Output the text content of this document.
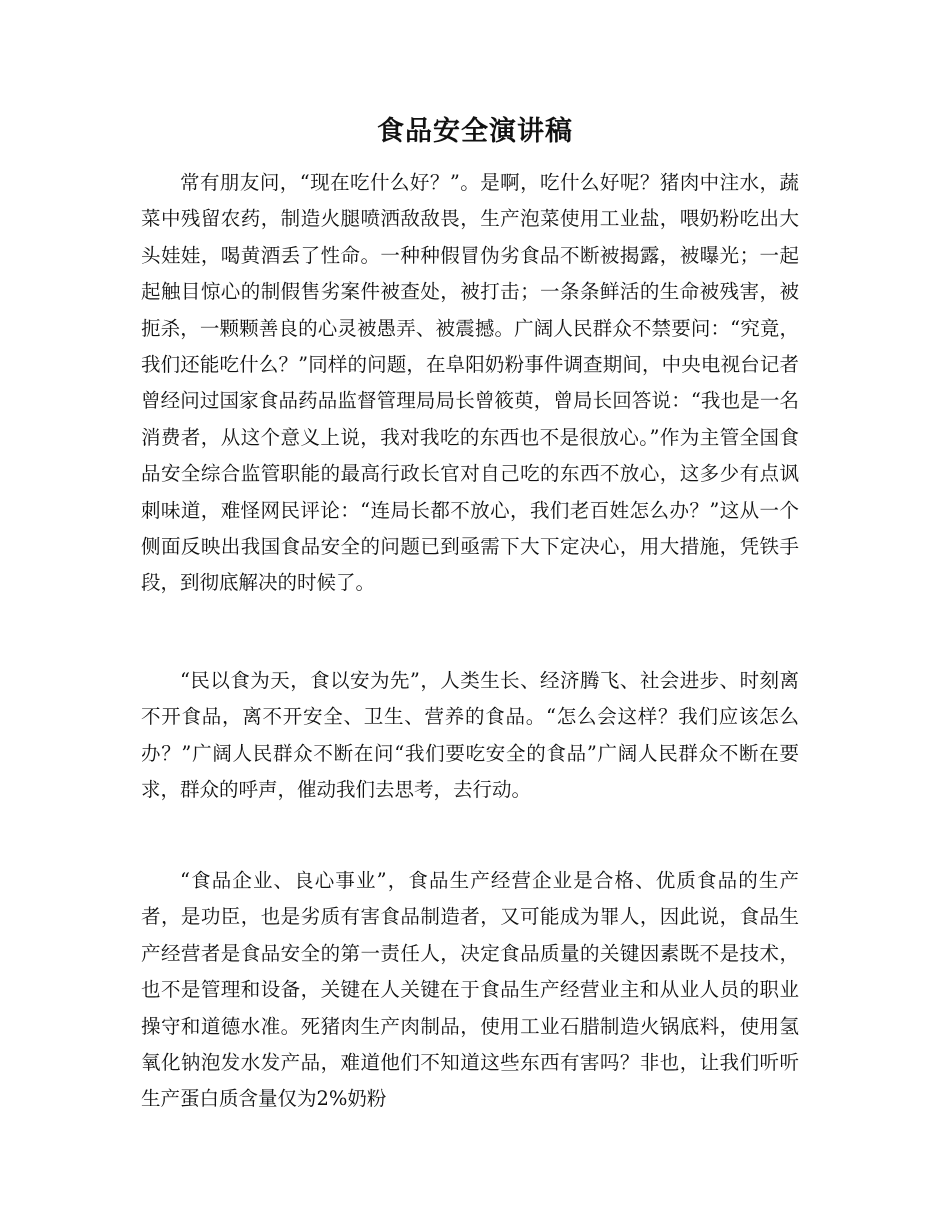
食品安全演讲稿

常有朋友问，“现在吃什么好？”。是啊，吃什么好呢？猪肉中注水，蔬菜中残留农药，制造火腿喷洒敌敌畏，生产泡菜使用工业盐，喂奶粉吃出大头娃娃，喝黄酒丢了性命。一种种假冒伪劣食品不断被揭露，被曝光；一起起触目惊心的制假售劣案件被查处，被打击；一条条鲜活的生命被残害，被扼杀，一颗颗善良的心灵被愚弄、被震撼。广阔人民群众不禁要问：“究竟，我们还能吃什么？”同样的问题，在阜阳奶粉事件调查期间，中央电视台记者曾经问过国家食品药品监督管理局局长曾筱萸，曾局长回答说：“我也是一名消费者，从这个意义上说，我对我吃的东西也不是很放心。”作为主管全国食品安全综合监管职能的最高行政长官对自己吃的东西不放心，这多少有点讽刺味道，难怪网民评论：“连局长都不放心，我们老百姓怎么办？”这从一个侧面反映出我国食品安全的问题已到亟需下大下定决心，用大措施，凭铁手段，到彻底解决的时候了。

“民以食为天，食以安为先”，人类生长、经济腾飞、社会进步、时刻离不开食品，离不开安全、卫生、营养的食品。“怎么会这样？我们应该怎么办？”广阔人民群众不断在问“我们要吃安全的食品”广阔人民群众不断在要求，群众的呼声，催动我们去思考，去行动。

“食品企业、良心事业”，食品生产经营企业是合格、优质食品的生产者，是功臣，也是劣质有害食品制造者，又可能成为罪人，因此说，食品生产经营者是食品安全的第一责任人，决定食品质量的关键因素既不是技术，也不是管理和设备，关键在人关键在于食品生产经营业主和从业人员的职业操守和道德水准。死猪肉生产肉制品，使用工业石腊制造火锅底料，使用氢氧化钠泡发水发产品，难道他们不知道这些东西有害吗？非也，让我们听听生产蛋白质含量仅为2%奶粉
